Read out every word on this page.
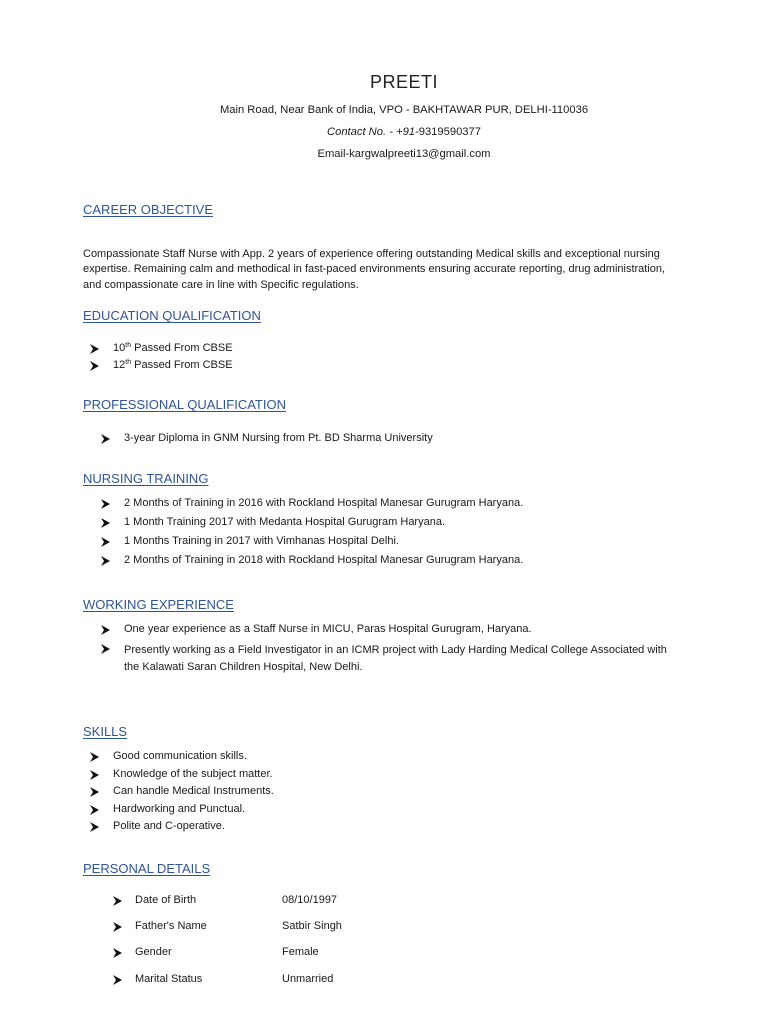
PREETI
Main Road, Near Bank of India, VPO - BAKHTAWAR PUR, DELHI-110036
Contact No. - +91-9319590377
Email-kargwalpreeti13@gmail.com
CAREER OBJECTIVE
Compassionate Staff Nurse with App. 2 years of experience offering outstanding Medical skills and exceptional nursing
expertise. Remaining calm and methodical in fast-paced environments ensuring accurate reporting, drug administration,
and compassionate care in line with Specific regulations.
EDUCATION QUALIFICATION
10th Passed From CBSE
12th Passed From CBSE
PROFESSIONAL QUALIFICATION
3-year Diploma in GNM Nursing from Pt. BD Sharma University
NURSING TRAINING
2 Months of Training in 2016 with Rockland Hospital Manesar Gurugram Haryana.
1 Month Training 2017 with Medanta Hospital Gurugram Haryana.
1 Months Training in 2017 with Vimhanas Hospital Delhi.
2 Months of Training in 2018 with Rockland Hospital Manesar Gurugram Haryana.
WORKING EXPERIENCE
One year experience as a Staff Nurse in MICU, Paras Hospital Gurugram, Haryana.
Presently working as a Field Investigator in an ICMR project with Lady Harding Medical College Associated with
the Kalawati Saran Children Hospital, New Delhi.
SKILLS
Good communication skills.
Knowledge of the subject matter.
Can handle Medical Instruments.
Hardworking and Punctual.
Polite and C-operative.
PERSONAL DETAILS
Date of Birth	08/10/1997
Father's Name	Satbir Singh
Gender	Female
Marital Status	Unmarried
